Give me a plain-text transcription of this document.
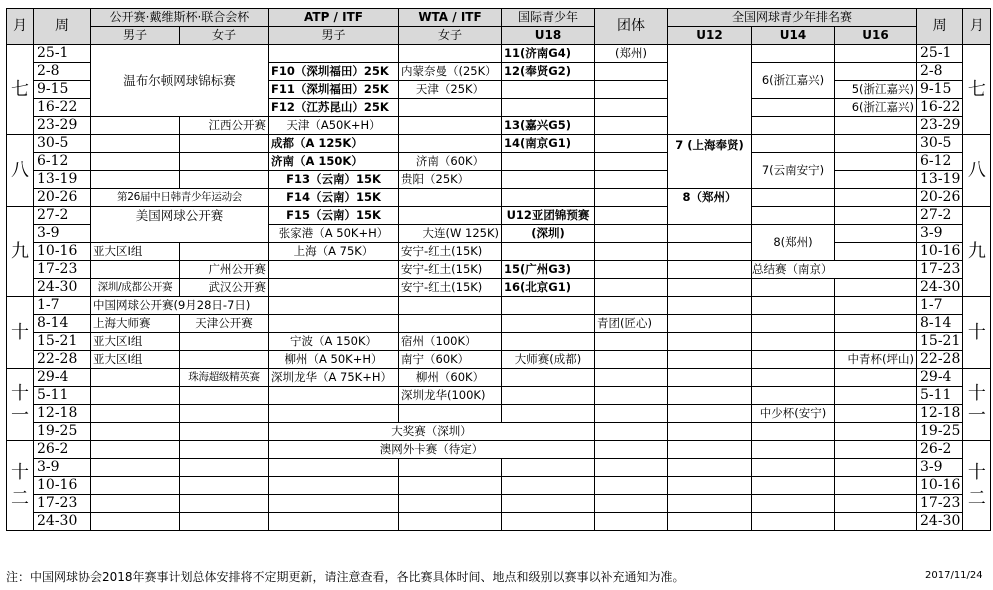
月	周	公开赛·戴维斯杯·联合会杯		ATP / ITF	WTA / ITF	国际青少年	团体	全国网球青少年排名赛			周	月
		男子	女子	男子	女子	U18		U12	U14	U16		
七	25-1	温布尔顿网球锦标赛				11(济南G4)	(郑州)				25-1	七
	2-8			F10（深圳福田）25K	内蒙奈曼（(25K）	12(奉贤G2)			6(浙江嘉兴)		2-8	
	9-15			F11（深圳福田）25K	天津（25K）					5(浙江嘉兴)	9-15	
	16-22			F12（江苏昆山）25K						6(浙江嘉兴)	16-22	
	23-29		江西公开赛	天津（A50K+H）		13(嘉兴G5)					23-29	
八	30-5			成都（A 125K）		14(南京G1)		7 (上海奉贤)			30-5	八
	6-12			济南（A 150K）	济南（60K）				7(云南安宁)		6-12	
	13-19			F13（云南）15K	贵阳（25K）						13-19	
	20-26	第26届中日韩青少年运动会		F14（云南）15K				8（郑州）			20-26	
九	27-2	美国网球公开赛		F15（云南）15K		U12亚团锦预赛					27-2	九
	3-9			张家港（A 50K+H）	大连(W 125K)	(深圳)			8(郑州)		3-9	
	10-16	亚大区Ⅰ组		上海（A 75K）	安宁-红土(15K)						10-16	
	17-23		广州公开赛		安宁-红土(15K)	15(广州G3)			总结赛（南京）		17-23	
	24-30	深圳/成都公开赛	武汉公开赛		安宁-红土(15K)	16(北京G1)					24-30	
十	1-7	中国网球公开赛(9月28日-7日)									1-7	十
	8-14	上海大师赛	天津公开赛				青团(匠心)				8-14	
	15-21	亚大区Ⅰ组		宁波（A 150K）	宿州（100K）						15-21	
	22-28	亚大区Ⅰ组		柳州（A 50K+H）	南宁（60K）	大师赛(成都)				中青杯(坪山)	22-28	
十
一	29-4		珠海超级精英赛	深圳龙华（A 75K+H）	柳州（60K）						29-4	十
一
	5-11				深圳龙华(100K)						5-11	
	12-18								中少杯(安宁)		12-18	
	19-25			大奖赛（深圳）							19-25	
十
二	26-2			澳网外卡赛（待定）							26-2	十
二
	3-9										3-9	
	10-16										10-16	
	17-23										17-23	
	24-30										24-30	
注：中国网球协会2018年赛事计划总体安排将不定期更新，请注意查看，各比赛具体时间、地点和级别以赛事以补充通知为准。	2017/11/24
